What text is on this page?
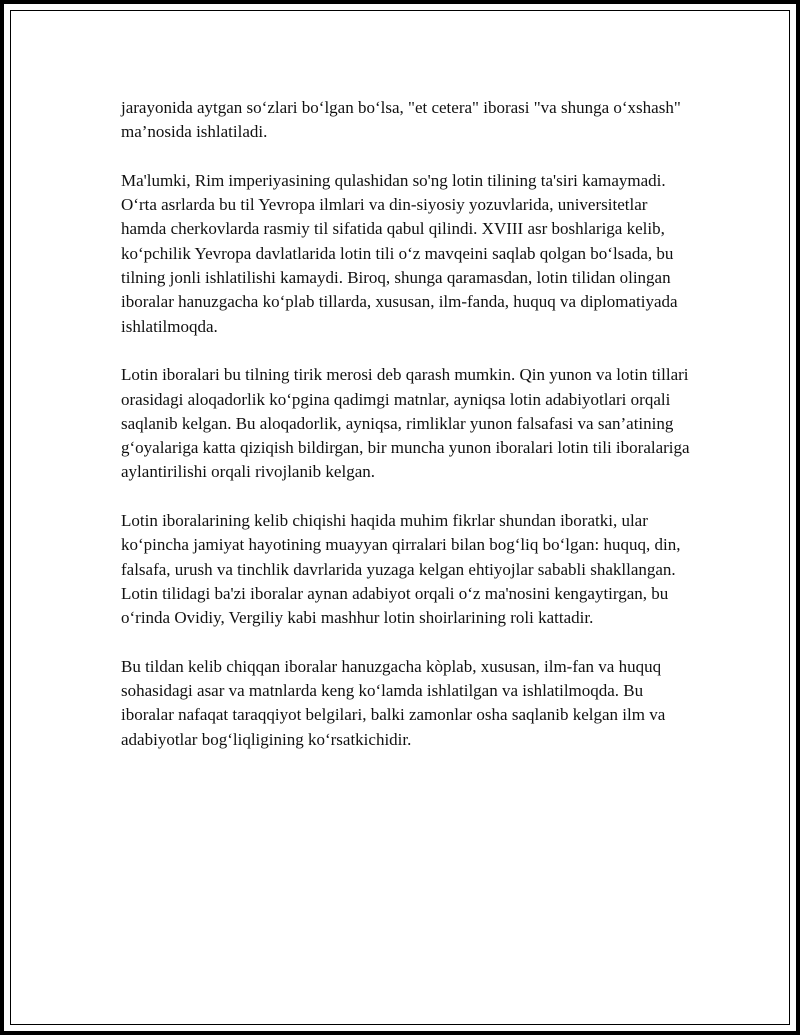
jarayonida aytgan so‘zlari bo‘lgan bo‘lsa, "et cetera" iborasi "va shunga o‘xshash" ma’nosida ishlatiladi.

Ma'lumki, Rim imperiyasining qulashidan so'ng lotin tilining ta'siri kamaymadi. O‘rta asrlarda bu til Yevropa ilmlari va din-siyosiy yozuvlarida, universitetlar hamda cherkovlarda rasmiy til sifatida qabul qilindi. XVIII asr boshlariga kelib, ko‘pchilik Yevropa davlatlarida lotin tili o‘z mavqeini saqlab qolgan bo‘lsada, bu tilning jonli ishlatilishi kamaydi. Biroq, shunga qaramasdan, lotin tilidan olingan iboralar hanuzgacha ko‘plab tillarda, xususan, ilm-fanda, huquq va diplomatiyada ishlatilmoqda.

Lotin iboralari bu tilning tirik merosi deb qarash mumkin. Qin yunon va lotin tillari orasidagi aloqadorlik ko‘pgina qadimgi matnlar, ayniqsa lotin adabiyotlari orqali saqlanib kelgan. Bu aloqadorlik, ayniqsa, rimliklar yunon falsafasi va san’atining g‘oyalariga katta qiziqish bildirgan, bir muncha yunon iboralari lotin tili iboralariga aylantirilishi orqali rivojlanib kelgan.

Lotin iboralarining kelib chiqishi haqida muhim fikrlar shundan iboratki, ular ko‘pincha jamiyat hayotining muayyan qirralari bilan bog‘liq bo‘lgan: huquq, din, falsafa, urush va tinchlik davrlarida yuzaga kelgan ehtiyojlar sababli shakllangan. Lotin tilidagi ba'zi iboralar aynan adabiyot orqali o‘z ma'nosini kengaytirgan, bu o‘rinda Ovidiy, Vergiliy kabi mashhur lotin shoirlarining roli kattadir.

Bu tildan kelib chiqqan iboralar hanuzgacha kòplab, xususan, ilm-fan va huquq sohasidagi asar va matnlarda keng ko‘lamda ishlatilgan va ishlatilmoqda. Bu iboralar nafaqat taraqqiyot belgilari, balki zamonlar osha saqlanib kelgan ilm va adabiyotlar bog‘liqligining ko‘rsatkichidir.
